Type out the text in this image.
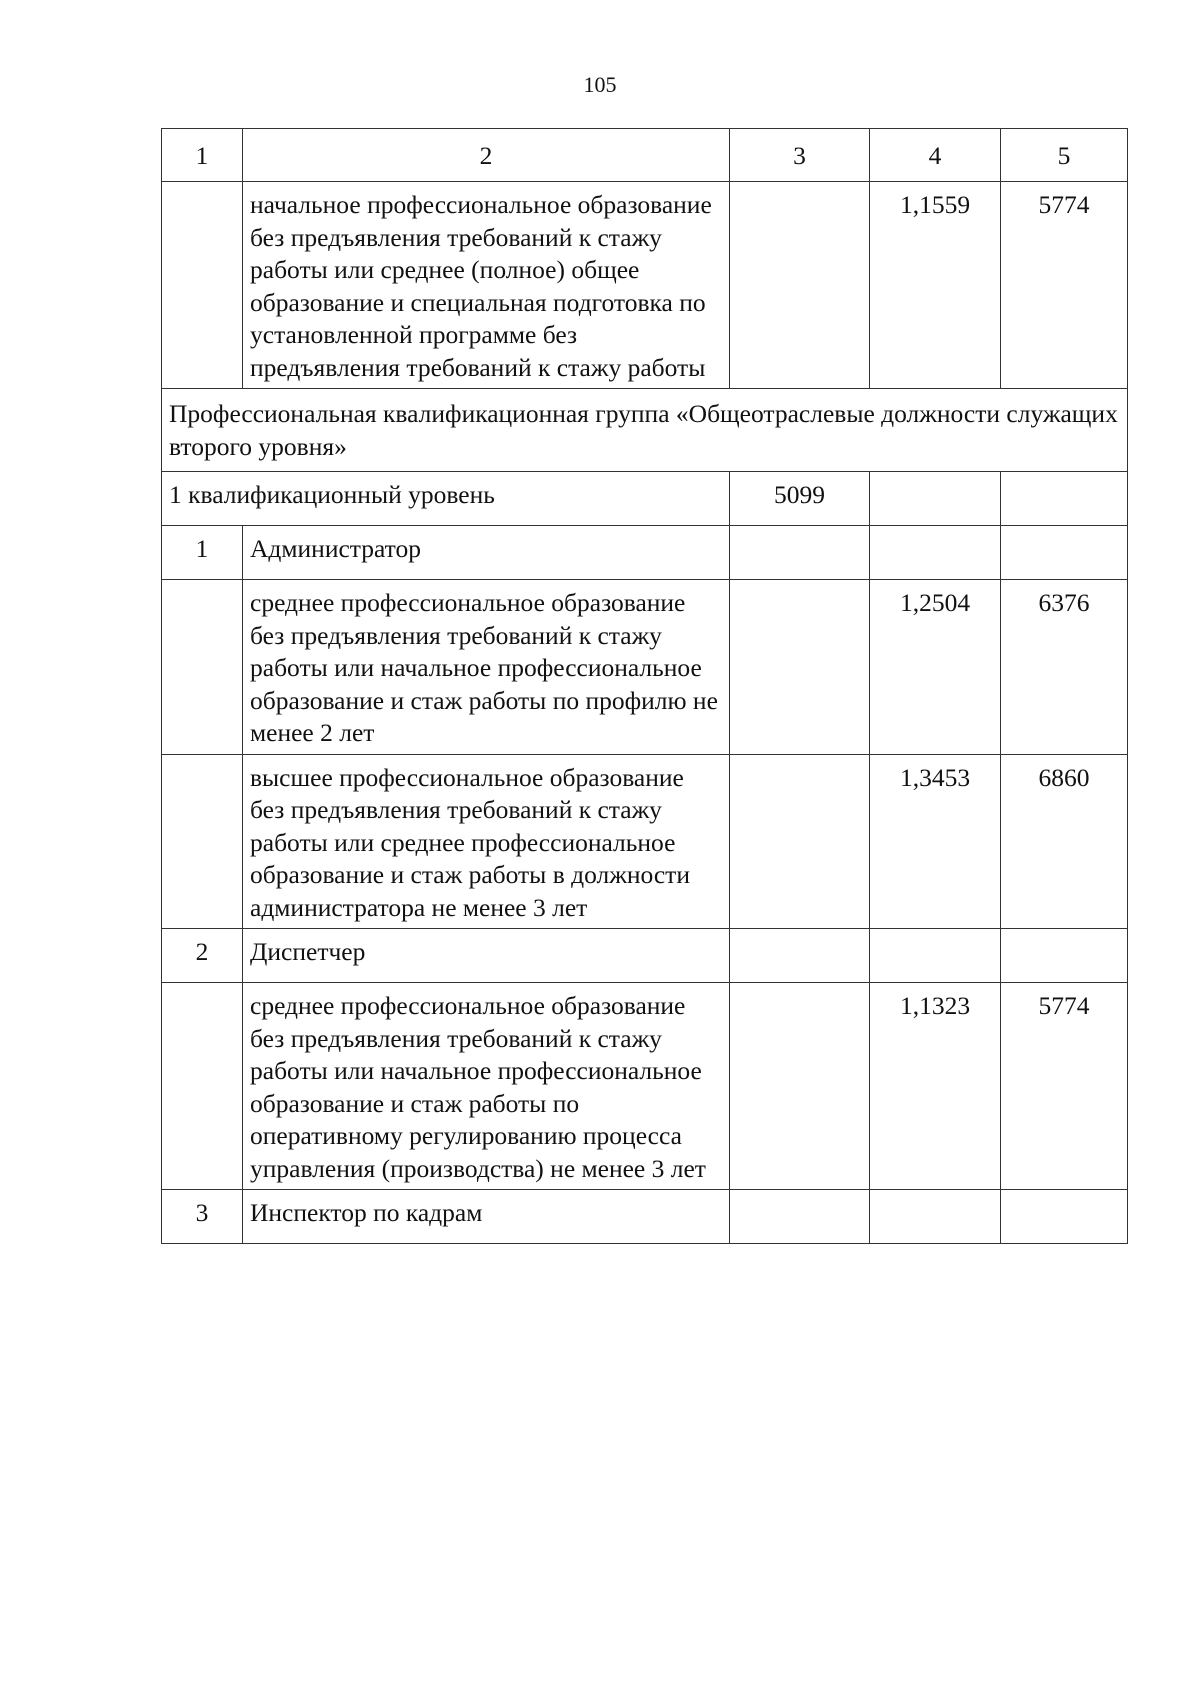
105
1	2	3	4	5
	начальное профессиональное образование без предъявления требований к стажу работы или среднее (полное) общее образование и специальная подготовка по установленной программе без предъявления требований к стажу работы		1,1559	5774
Профессиональная квалификационная группа «Общеотраслевые должности служащих второго уровня»				
1 квалификационный уровень		5099		
1	Администратор			
	среднее профессиональное образование без предъявления требований к стажу работы или начальное профессиональное образование и стаж работы по профилю не менее 2 лет		1,2504	6376
	высшее профессиональное образование без предъявления требований к стажу работы или среднее профессиональное образование и стаж работы в должности администратора не менее 3 лет		1,3453	6860
2	Диспетчер			
	среднее профессиональное образование без предъявления требований к стажу работы или начальное профессиональное образование и стаж работы по оперативному регулированию процесса управления (производства) не менее 3 лет		1,1323	5774
3	Инспектор по кадрам			
